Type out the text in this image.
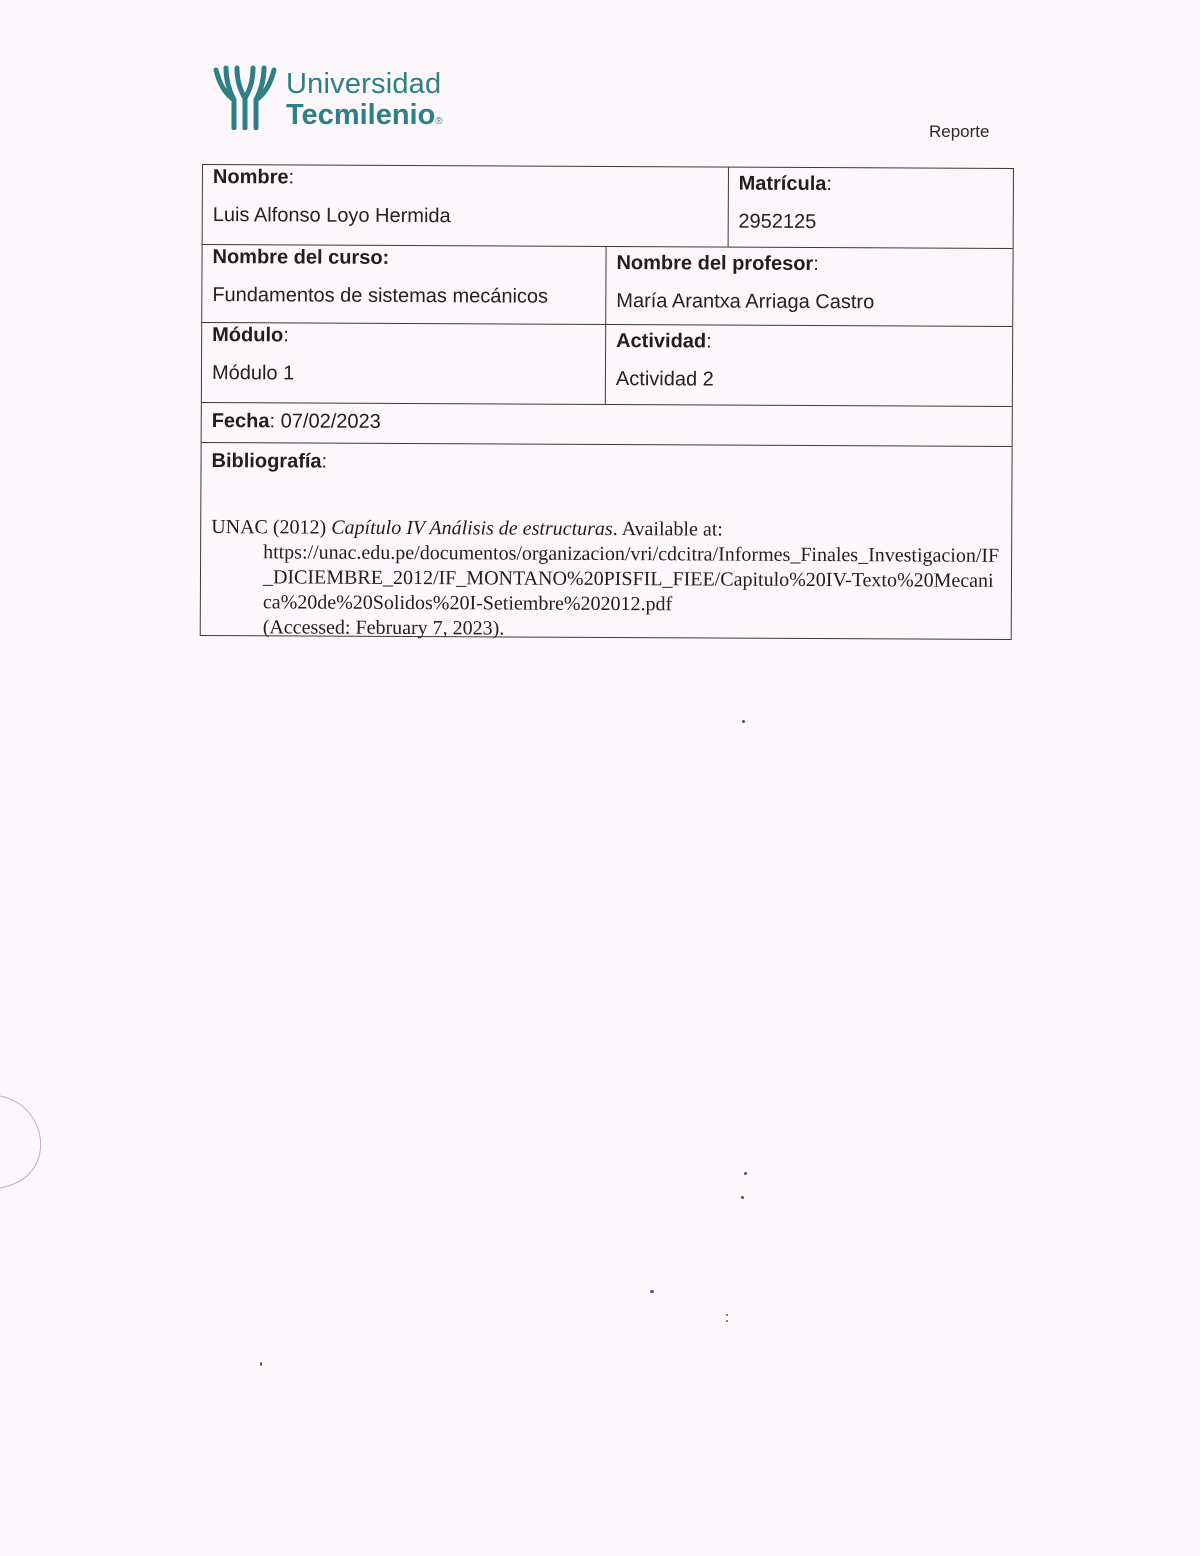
Universidad
Tecmilenio®
Reporte
Nombre:
Luis Alfonso Loyo Hermida
Matrícula:
2952125
Nombre del curso:
Fundamentos de sistemas mecánicos
Nombre del profesor:
María Arantxa Arriaga Castro
Módulo:
Módulo 1
Actividad:
Actividad 2
Fecha: 07/02/2023
Bibliografía:
UNAC (2012) Capítulo IV Análisis de estructuras. Available at:
https://unac.edu.pe/documentos/organizacion/vri/cdcitra/Informes_Finales_Investigacion/IF_DICIEMBRE_2012/IF_MONTANO%20PISFIL_FIEE/Capitulo%20IV-Texto%20Mecanica%20de%20Solidos%20I-Setiembre%202012.pdf
(Accessed: February 7, 2023).
